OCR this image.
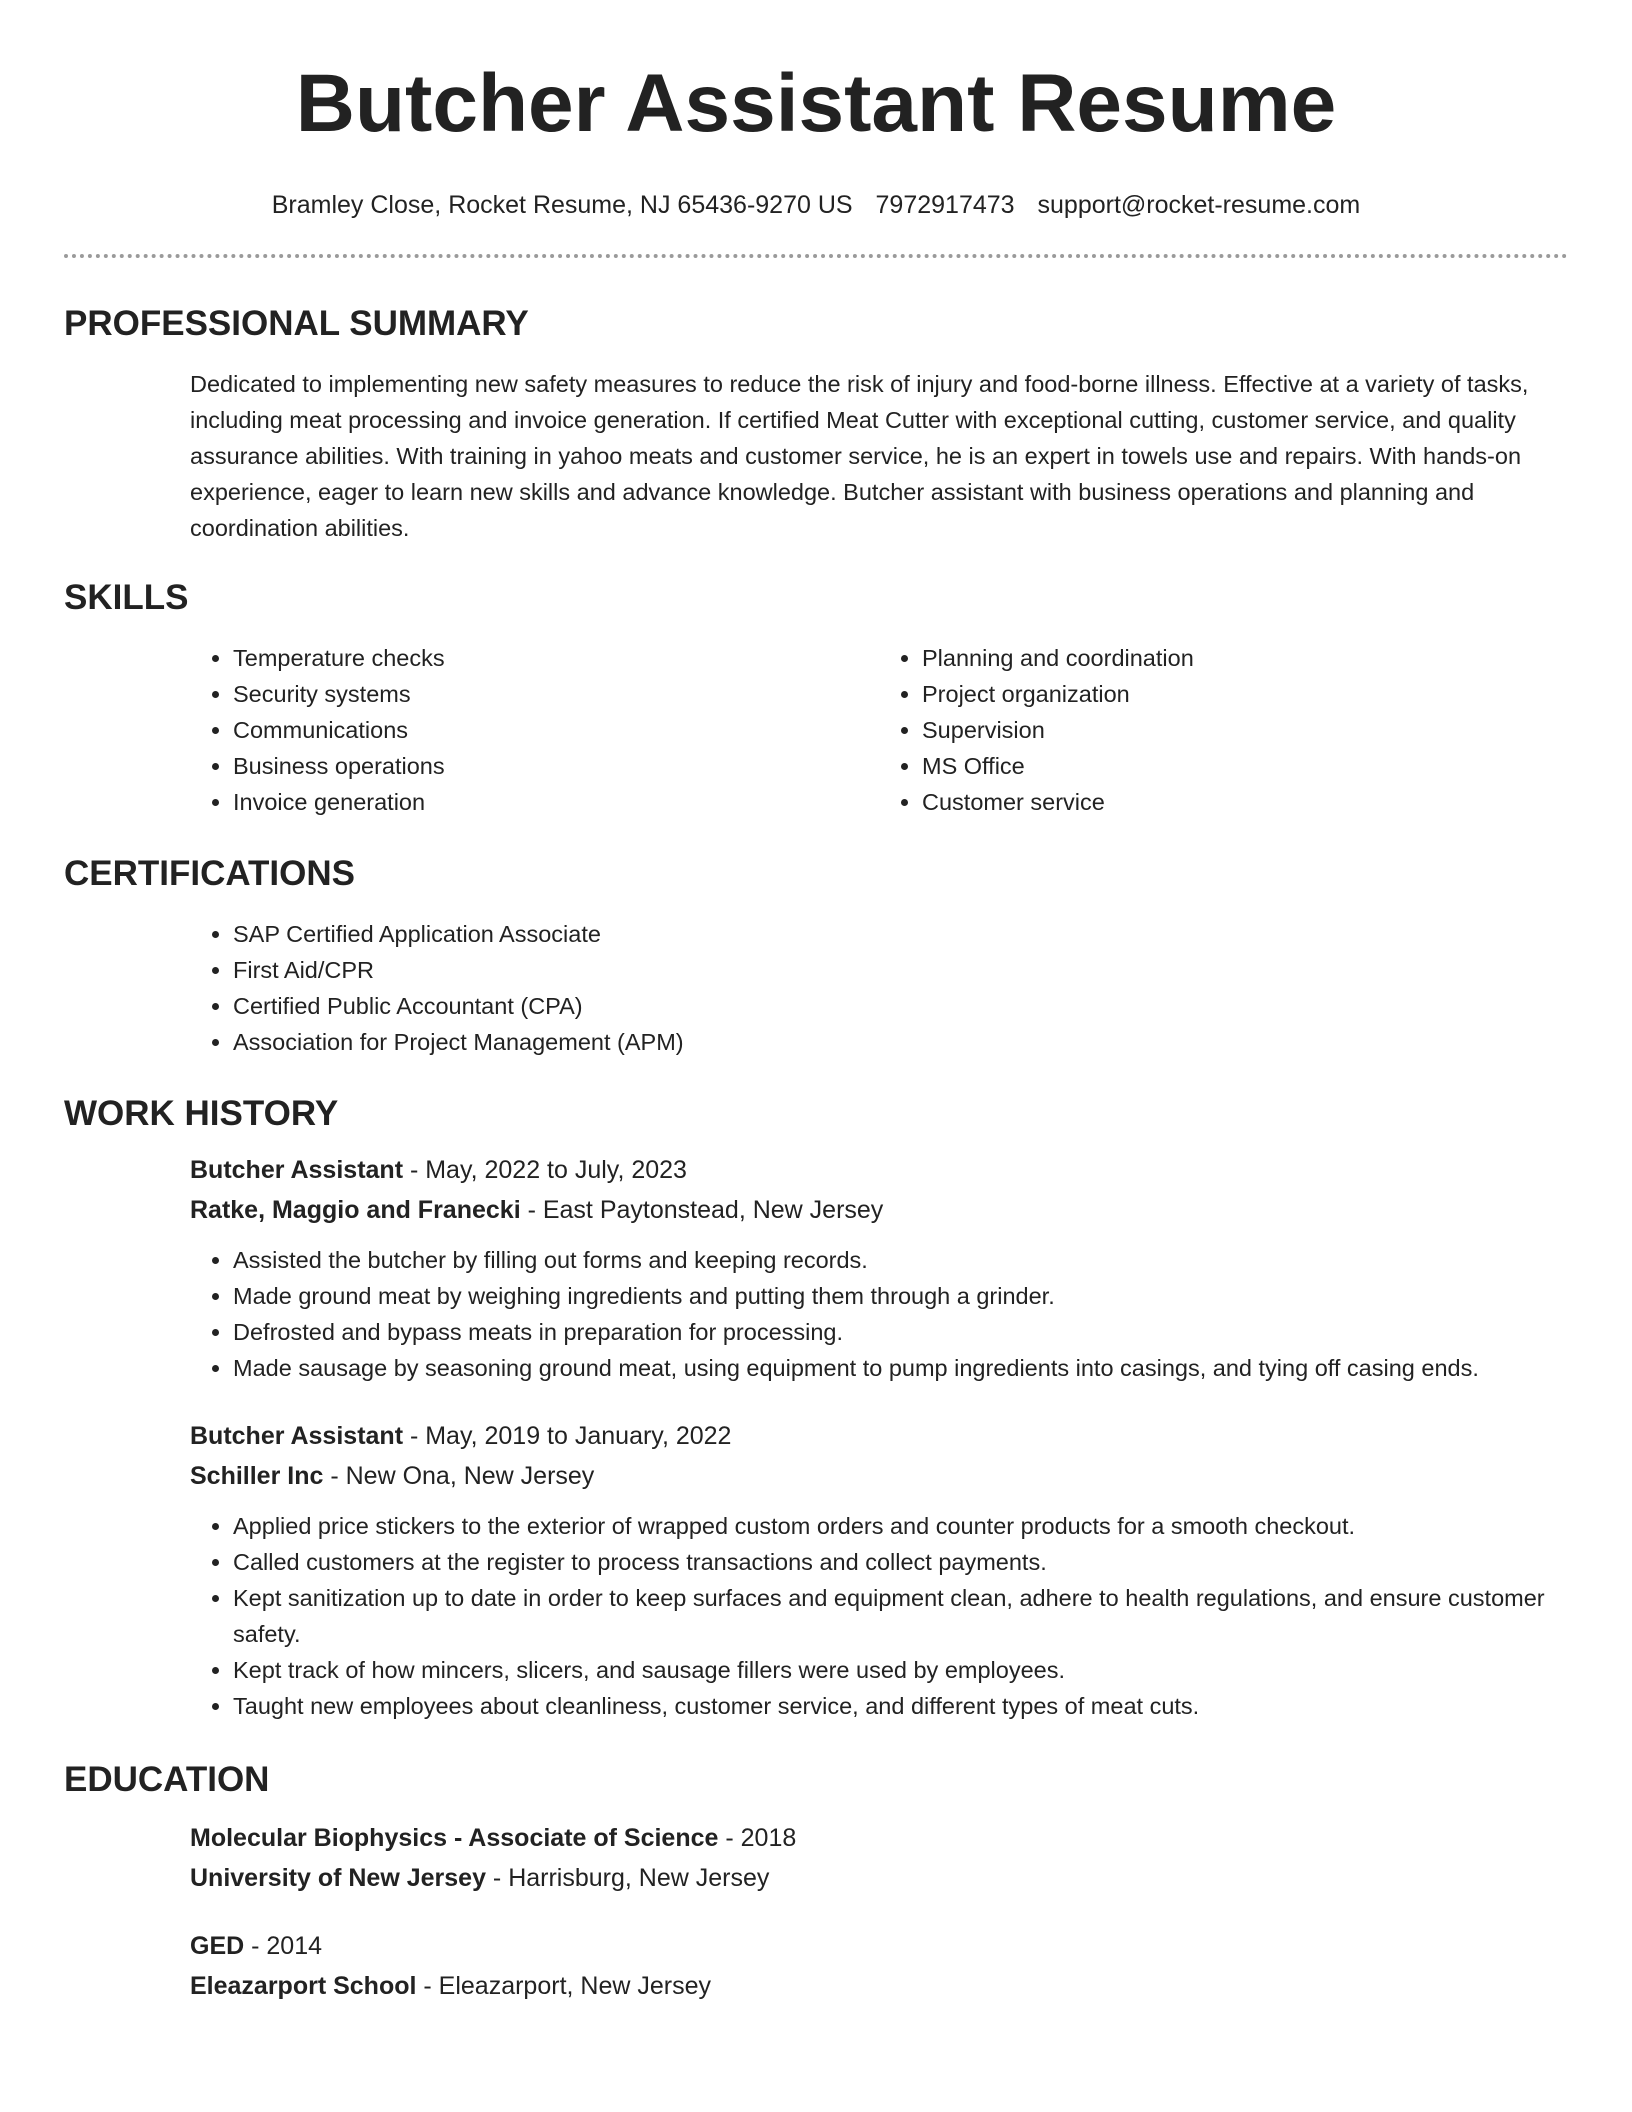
Butcher Assistant Resume
Bramley Close, Rocket Resume, NJ 65436-9270 US 7972917473 support@rocket-resume.com
PROFESSIONAL SUMMARY
Dedicated to implementing new safety measures to reduce the risk of injury and food-borne illness. Effective at a variety of tasks, including meat processing and invoice generation. If certified Meat Cutter with exceptional cutting, customer service, and quality assurance abilities. With training in yahoo meats and customer service, he is an expert in towels use and repairs. With hands-on experience, eager to learn new skills and advance knowledge. Butcher assistant with business operations and planning and coordination abilities.
SKILLS
• Temperature checks
• Security systems
• Communications
• Business operations
• Invoice generation
• Planning and coordination
• Project organization
• Supervision
• MS Office
• Customer service
CERTIFICATIONS
• SAP Certified Application Associate
• First Aid/CPR
• Certified Public Accountant (CPA)
• Association for Project Management (APM)
WORK HISTORY
Butcher Assistant - May, 2022 to July, 2023
Ratke, Maggio and Franecki - East Paytonstead, New Jersey
• Assisted the butcher by filling out forms and keeping records.
• Made ground meat by weighing ingredients and putting them through a grinder.
• Defrosted and bypass meats in preparation for processing.
• Made sausage by seasoning ground meat, using equipment to pump ingredients into casings, and tying off casing ends.
Butcher Assistant - May, 2019 to January, 2022
Schiller Inc - New Ona, New Jersey
• Applied price stickers to the exterior of wrapped custom orders and counter products for a smooth checkout.
• Called customers at the register to process transactions and collect payments.
• Kept sanitization up to date in order to keep surfaces and equipment clean, adhere to health regulations, and ensure customer safety.
• Kept track of how mincers, slicers, and sausage fillers were used by employees.
• Taught new employees about cleanliness, customer service, and different types of meat cuts.
EDUCATION
Molecular Biophysics - Associate of Science - 2018
University of New Jersey - Harrisburg, New Jersey
GED - 2014
Eleazarport School - Eleazarport, New Jersey
